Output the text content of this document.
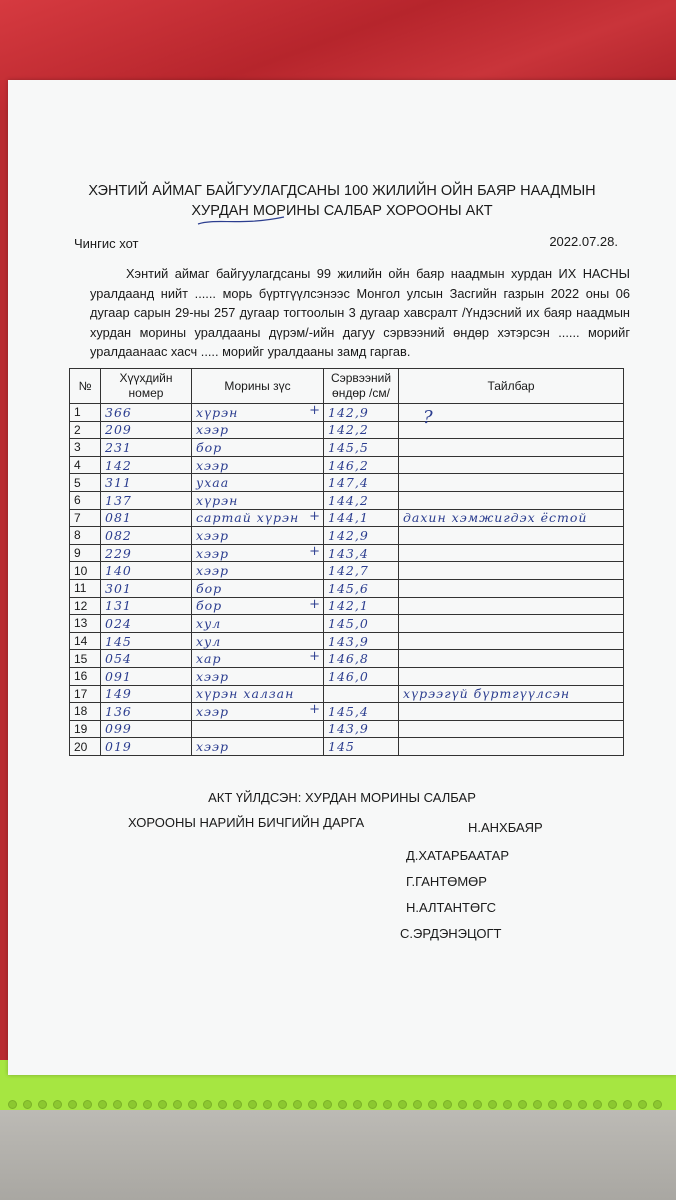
ХЭНТИЙ АЙМАГ БАЙГУУЛАГДСАНЫ 100 ЖИЛИЙН ОЙН БАЯР НААДМЫН
ХУРДАН МОРИНЫ САЛБАР ХОРООНЫ АКТ
Чингис хот	2022.07.28.
Хэнтий аймаг байгуулагдсаны 99 жилийн ойн баяр наадмын хурдан ИХ НАСНЫ уралдаанд нийт ...... морь бүртгүүлсэнээс Монгол улсын Засгийн газрын 2022 оны 06 дугаар сарын 29-ны 257 дугаар тогтоолын 3 дугаар хавсралт /Үндэсний их баяр наадмын хурдан морины уралдааны дүрэм/-ийн дагуу сэрвээний өндөр хэтэрсэн ...... морийг уралдаанаас хасч ..... морийг уралдааны замд гаргав.
№	Хүүхдийн номер	Морины зүс	Сэрвээний өндөр /см/	Тайлбар
1	366	хүрэн +	142,9	
2	209	хээр	142,2	
3	231	бор	145,5	
4	142	хээр	146,2	
5	311	ухаа	147,4	
6	137	хүрэн	144,2	
7	081	сартай хүрэн +	144,1	дахин хэмжигдэх ёстой
8	082	хээр	142,9	
9	229	хээр +	143,4	
10	140	хээр	142,7	
11	301	бор	145,6	
12	131	бор +	142,1	
13	024	хул	145,0	
14	145	хул	143,9	
15	054	хар +	146,8	
16	091	хээр	146,0	
17	149	хүрэн халзан		хүрээгүй бүртгүүлсэн
18	136	хээр +	145,4	
19	099		143,9	
20	019	хээр	145	
?
АКТ ҮЙЛДСЭН: ХУРДАН МОРИНЫ САЛБАР
ХОРООНЫ НАРИЙН БИЧГИЙН ДАРГА	Н.АНХБАЯР
Д.ХАТАРБААТАР
Г.ГАНТӨМӨР
Н.АЛТАНТӨГС
С.ЭРДЭНЭЦОГТ
